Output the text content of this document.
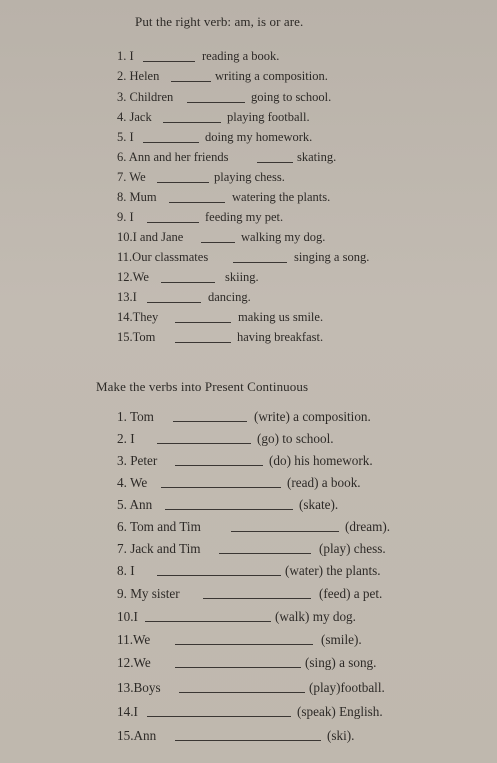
Put the right verb: am, is or are.
1. I	reading a book.
2. Helen	writing a composition.
3. Children	going to school.
4. Jack	playing football.
5. I	doing my homework.
6. Ann and her friends	skating.
7. We	playing chess.
8. Mum	watering the plants.
9. I	feeding my pet.
10.I and Jane	walking my dog.
11.Our classmates	singing a song.
12.We	skiing.
13.I	dancing.
14.They	making us smile.
15.Tom	having breakfast.
Make the verbs into Present Continuous
1. Tom	(write) a composition.
2. I	(go) to school.
3. Peter	(do) his homework.
4. We	(read) a book.
5. Ann	(skate).
6. Tom and Tim	(dream).
7. Jack and Tim	(play) chess.
8. I	(water) the plants.
9. My sister	(feed) a pet.
10.I	(walk) my dog.
11.We	(smile).
12.We	(sing) a song.
13.Boys	(play)football.
14.I	(speak) English.
15.Ann	(ski).
